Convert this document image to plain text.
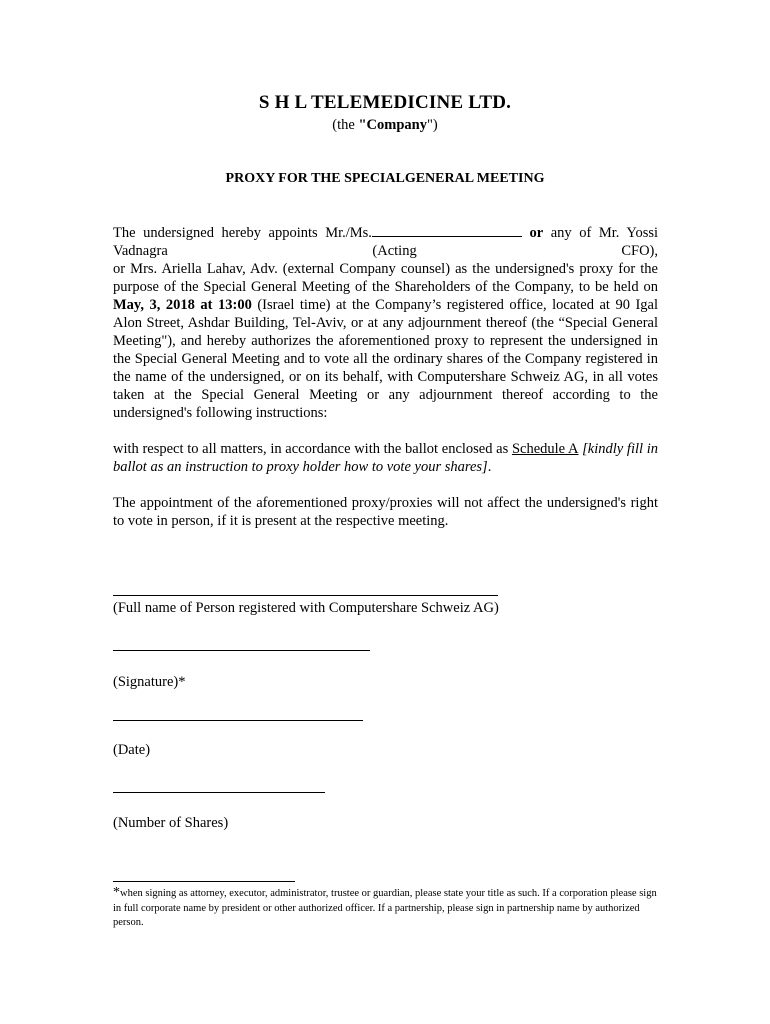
S H L TELEMEDICINE LTD.
(the "Company")
PROXY FOR THE SPECIALGENERAL MEETING
The undersigned hereby appoints Mr./Ms.	or any of Mr. Yossi
Vadnagra	(Acting	CFO),
or Mrs. Ariella Lahav, Adv. (external Company counsel) as the undersigned's proxy for the purpose of the Special General Meeting of the Shareholders of the Company, to be held on May, 3, 2018 at 13:00 (Israel time) at the Company’s registered office, located at 90 Igal Alon Street, Ashdar Building, Tel-Aviv, or at any adjournment thereof (the “Special General Meeting"), and hereby authorizes the aforementioned proxy to represent the undersigned in the Special General Meeting and to vote all the ordinary shares of the Company registered in the name of the undersigned, or on its behalf, with Computershare Schweiz AG, in all votes taken at the Special General Meeting or any adjournment thereof according to the undersigned's following instructions:
with respect to all matters, in accordance with the ballot enclosed as Schedule A [kindly fill in ballot as an instruction to proxy holder how to vote your shares].
The appointment of the aforementioned proxy/proxies will not affect the undersigned's right to vote in person, if it is present at the respective meeting.
(Full name of Person registered with Computershare Schweiz AG)
(Signature)*
(Date)
(Number of Shares)
*when signing as attorney, executor, administrator, trustee or guardian, please state your title as such. If a corporation please sign in full corporate name by president or other authorized officer. If a partnership, please sign in partnership name by authorized person.
